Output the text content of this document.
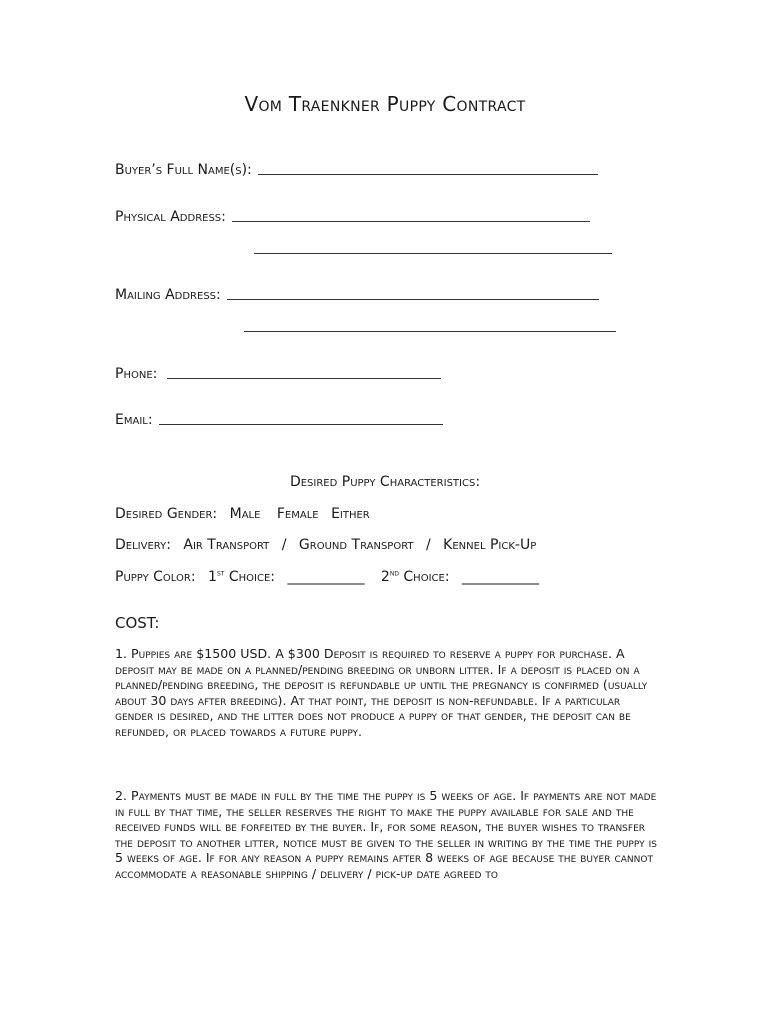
Vom Traenkner Puppy Contract
Buyer’s Full Name(s):
Physical Address:
Mailing Address:
Phone:
Email:
Desired Puppy Characteristics:
Desired Gender: Male Female Either
Delivery: Air Transport / Ground Transport / Kennel Pick-Up
Puppy Color: 1st Choice: ___________ 2nd Choice: ___________
COST:
1. Puppies are $1500 USD. A $300 Deposit is required to reserve a puppy for purchase. A deposit may be made on a planned/pending breeding or unborn litter. If a deposit is placed on a planned/pending breeding, the deposit is refundable up until the pregnancy is confirmed (usually about 30 days after breeding). At that point, the deposit is non-refundable. If a particular gender is desired, and the litter does not produce a puppy of that gender, the deposit can be refunded, or placed towards a future puppy.
2. Payments must be made in full by the time the puppy is 5 weeks of age. If payments are not made in full by that time, the seller reserves the right to make the puppy available for sale and the received funds will be forfeited by the buyer. If, for some reason, the buyer wishes to transfer the deposit to another litter, notice must be given to the seller in writing by the time the puppy is 5 weeks of age. If for any reason a puppy remains after 8 weeks of age because the buyer cannot accommodate a reasonable shipping / delivery / pick-up date agreed to
